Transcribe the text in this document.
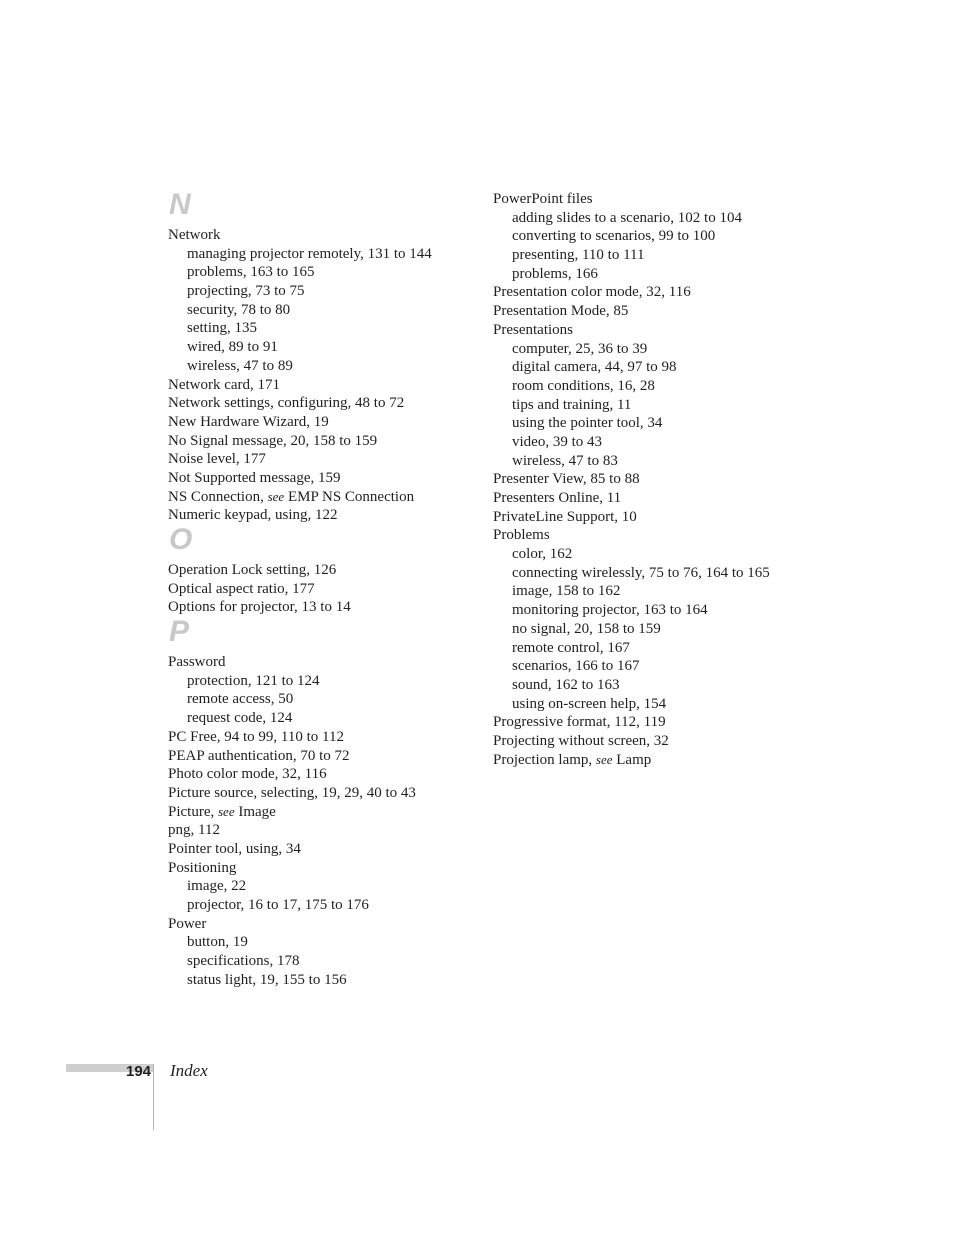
N
Network
managing projector remotely, 131 to 144
problems, 163 to 165
projecting, 73 to 75
security, 78 to 80
setting, 135
wired, 89 to 91
wireless, 47 to 89
Network card, 171
Network settings, configuring, 48 to 72
New Hardware Wizard, 19
No Signal message, 20, 158 to 159
Noise level, 177
Not Supported message, 159
NS Connection, see EMP NS Connection
Numeric keypad, using, 122
O
Operation Lock setting, 126
Optical aspect ratio, 177
Options for projector, 13 to 14
P
Password
protection, 121 to 124
remote access, 50
request code, 124
PC Free, 94 to 99, 110 to 112
PEAP authentication, 70 to 72
Photo color mode, 32, 116
Picture source, selecting, 19, 29, 40 to 43
Picture, see Image
png, 112
Pointer tool, using, 34
Positioning
image, 22
projector, 16 to 17, 175 to 176
Power
button, 19
specifications, 178
status light, 19, 155 to 156
PowerPoint files
adding slides to a scenario, 102 to 104
converting to scenarios, 99 to 100
presenting, 110 to 111
problems, 166
Presentation color mode, 32, 116
Presentation Mode, 85
Presentations
computer, 25, 36 to 39
digital camera, 44, 97 to 98
room conditions, 16, 28
tips and training, 11
using the pointer tool, 34
video, 39 to 43
wireless, 47 to 83
Presenter View, 85 to 88
Presenters Online, 11
PrivateLine Support, 10
Problems
color, 162
connecting wirelessly, 75 to 76, 164 to 165
image, 158 to 162
monitoring projector, 163 to 164
no signal, 20, 158 to 159
remote control, 167
scenarios, 166 to 167
sound, 162 to 163
using on-screen help, 154
Progressive format, 112, 119
Projecting without screen, 32
Projection lamp, see Lamp
194 Index
